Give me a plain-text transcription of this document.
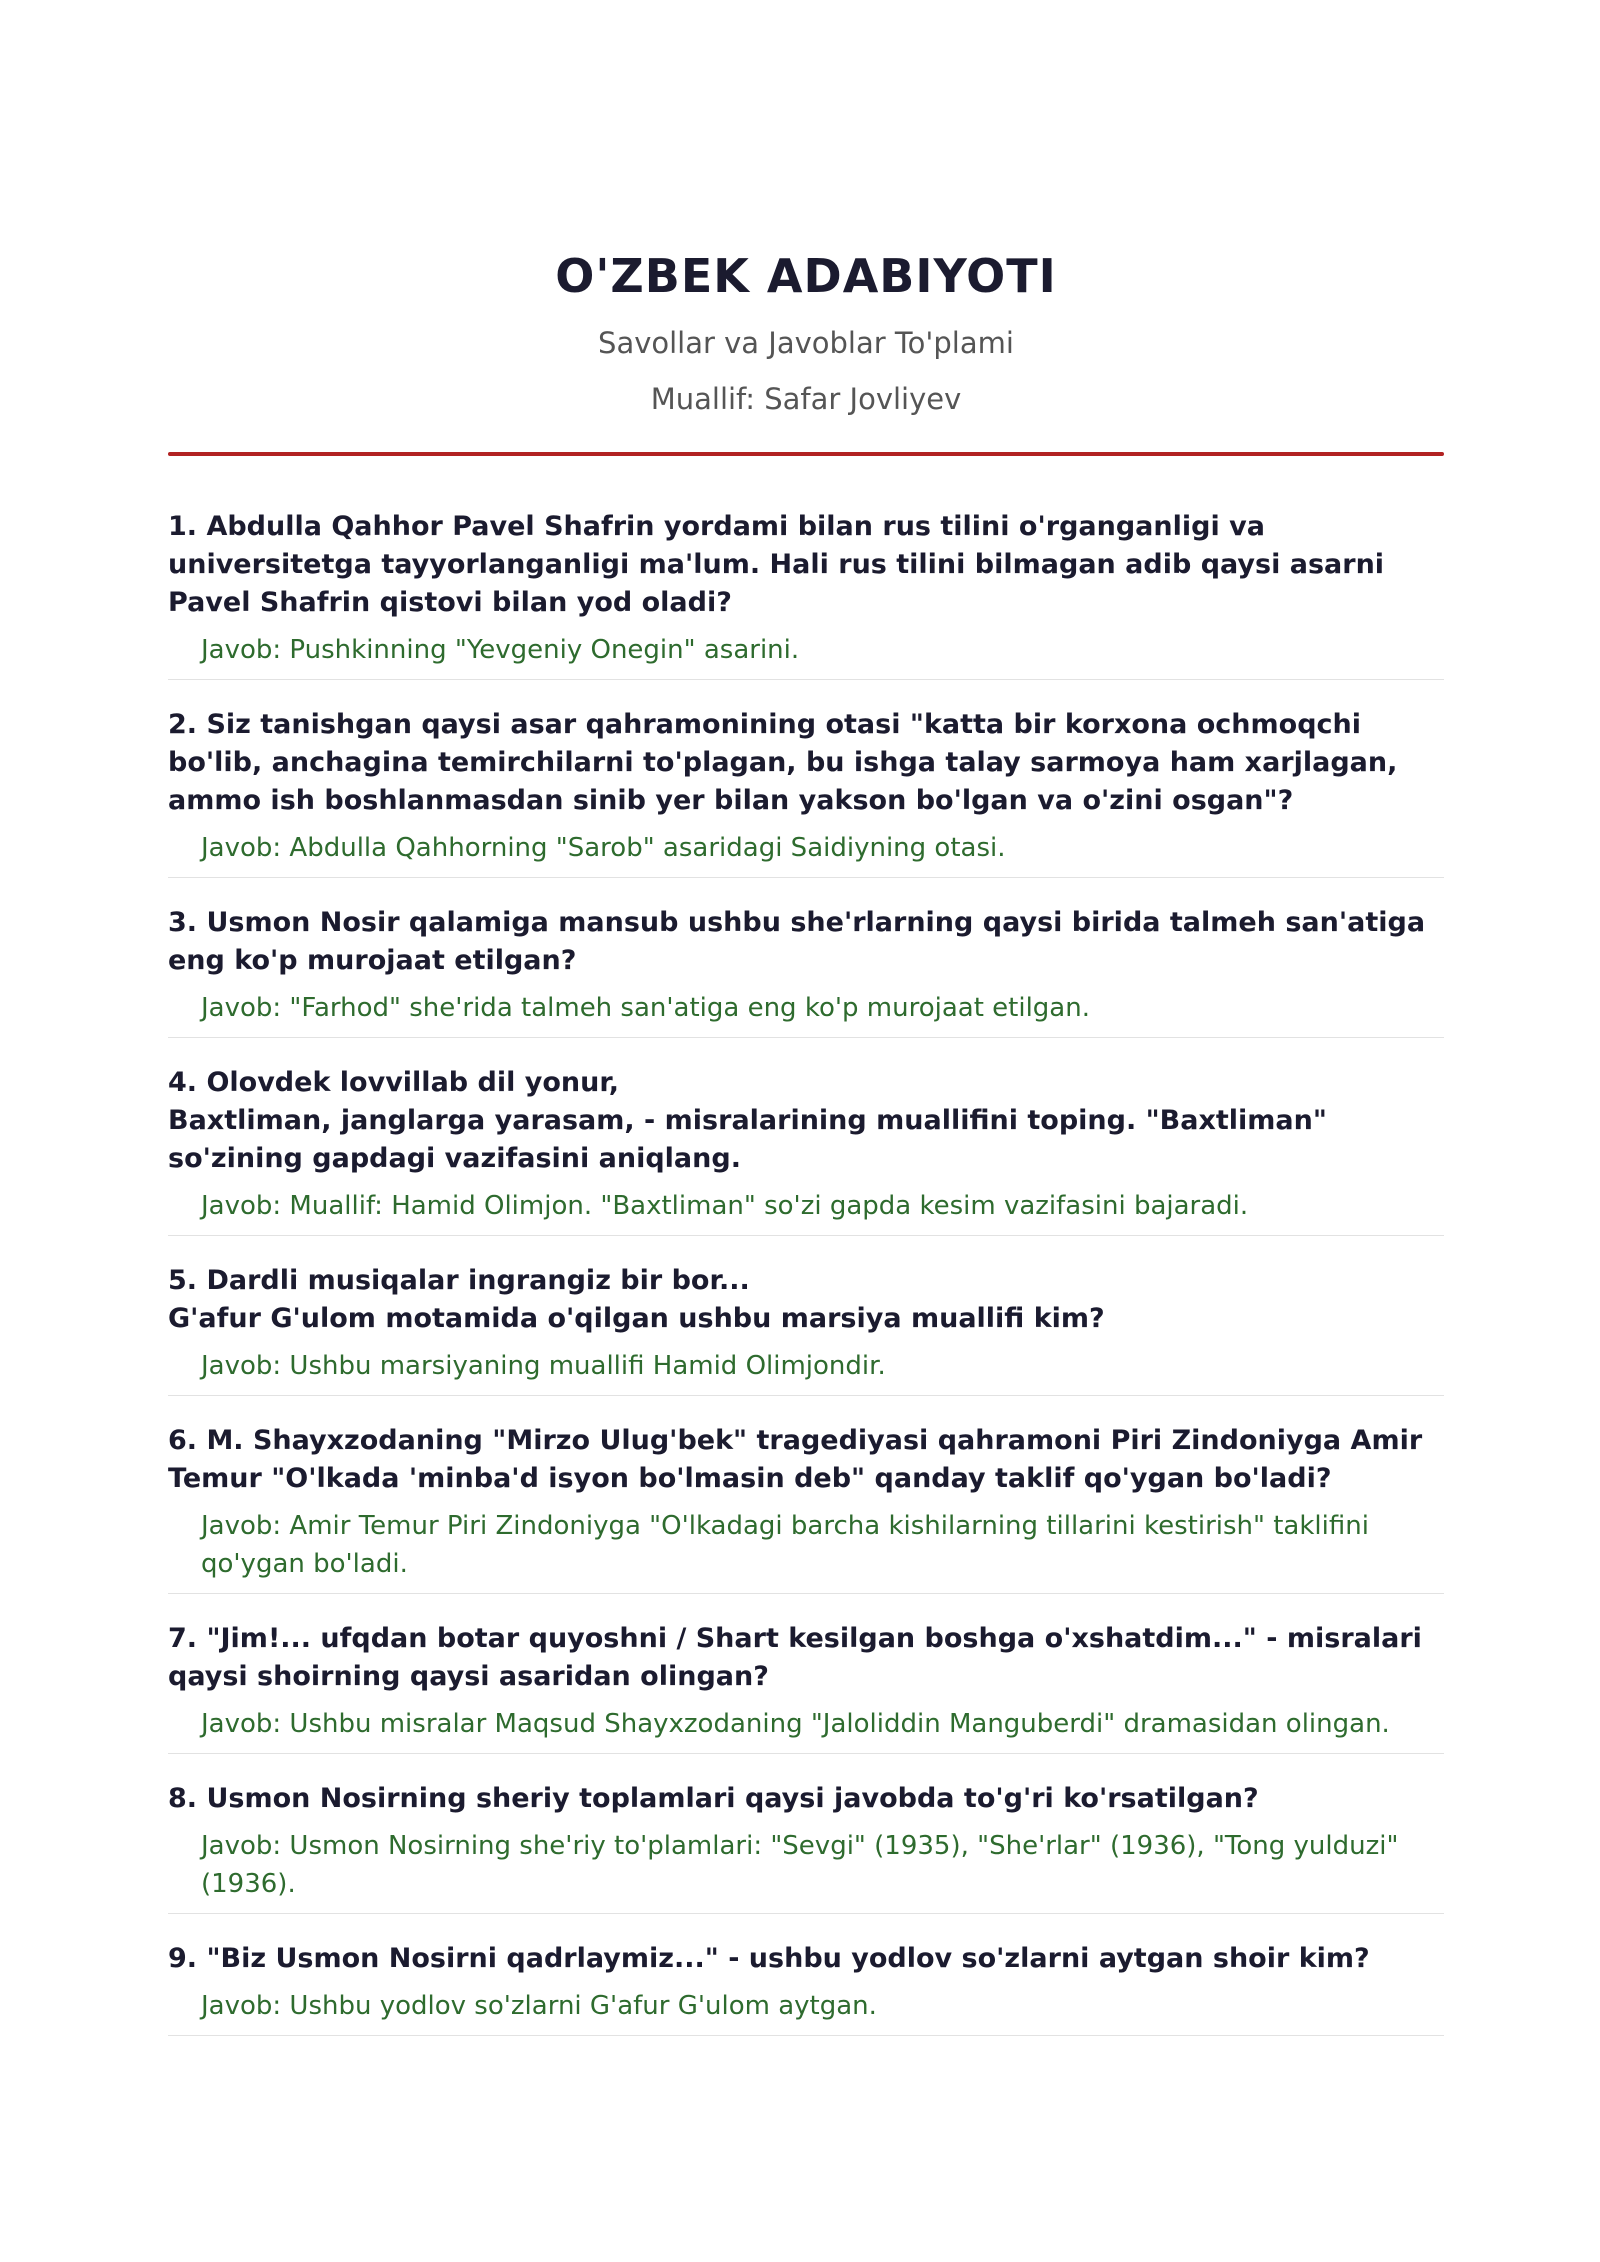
O'ZBEK ADABIYOTI
Savollar va Javoblar To'plami
Muallif: Safar Jovliyev
1. Abdulla Qahhor Pavel Shafrin yordami bilan rus tilini o'rganganligi va universitetga tayyorlanganligi ma'lum. Hali rus tilini bilmagan adib qaysi asarni Pavel Shafrin qistovi bilan yod oladi?
Javob: Pushkinning "Yevgeniy Onegin" asarini.
2. Siz tanishgan qaysi asar qahramonining otasi "katta bir korxona ochmoqchi bo'lib, anchagina temirchilarni to'plagan, bu ishga talay sarmoya ham xarjlagan, ammo ish boshlanmasdan sinib yer bilan yakson bo'lgan va o'zini osgan"?
Javob: Abdulla Qahhorning "Sarob" asaridagi Saidiyning otasi.
3. Usmon Nosir qalamiga mansub ushbu she'rlarning qaysi birida talmeh san'atiga eng ko'p murojaat etilgan?
Javob: "Farhod" she'rida talmeh san'atiga eng ko'p murojaat etilgan.
4. Olovdek lovvillab dil yonur,
Baxtliman, janglarga yarasam, - misralarining muallifini toping. "Baxtliman" so'zining gapdagi vazifasini aniqlang.
Javob: Muallif: Hamid Olimjon. "Baxtliman" so'zi gapda kesim vazifasini bajaradi.
5. Dardli musiqalar ingrangiz bir bor...
G'afur G'ulom motamida o'qilgan ushbu marsiya muallifi kim?
Javob: Ushbu marsiyaning muallifi Hamid Olimjondir.
6. M. Shayxzodaning "Mirzo Ulug'bek" tragediyasi qahramoni Piri Zindoniyga Amir Temur "O'lkada 'minba'd isyon bo'lmasin deb" qanday taklif qo'ygan bo'ladi?
Javob: Amir Temur Piri Zindoniyga "O'lkadagi barcha kishilarning tillarini kestirish" taklifini qo'ygan bo'ladi.
7. "Jim!... ufqdan botar quyoshni / Shart kesilgan boshga o'xshatdim..." - misralari qaysi shoirning qaysi asaridan olingan?
Javob: Ushbu misralar Maqsud Shayxzodaning "Jaloliddin Manguberdi" dramasidan olingan.
8. Usmon Nosirning sheriy toplamlari qaysi javobda to'g'ri ko'rsatilgan?
Javob: Usmon Nosirning she'riy to'plamlari: "Sevgi" (1935), "She'rlar" (1936), "Tong yulduzi" (1936).
9. "Biz Usmon Nosirni qadrlaymiz..." - ushbu yodlov so'zlarni aytgan shoir kim?
Javob: Ushbu yodlov so'zlarni G'afur G'ulom aytgan.
